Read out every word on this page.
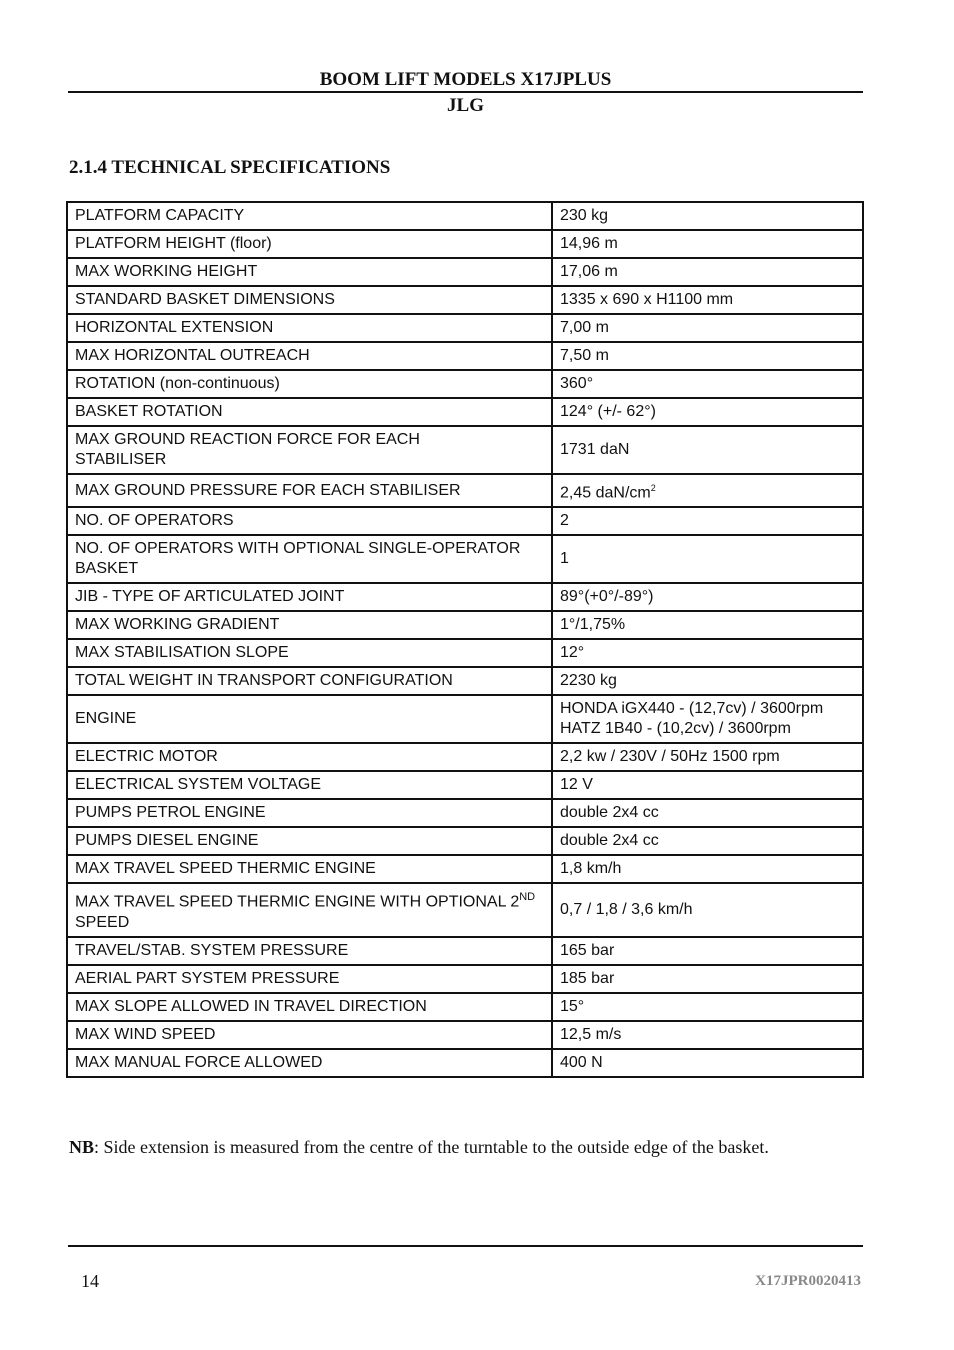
BOOM LIFT MODELS X17JPLUS
JLG
2.1.4 TECHNICAL SPECIFICATIONS
PLATFORM CAPACITY	230 kg
PLATFORM HEIGHT (floor)	14,96 m
MAX WORKING HEIGHT	17,06 m
STANDARD BASKET DIMENSIONS	1335 x 690 x H1100 mm
HORIZONTAL EXTENSION	7,00 m
MAX HORIZONTAL OUTREACH	7,50 m
ROTATION (non-continuous)	360°
BASKET ROTATION	124° (+/- 62°)
MAX GROUND REACTION FORCE FOR EACH
STABILISER	1731 daN
MAX GROUND PRESSURE FOR EACH STABILISER	2,45 daN/$cm^2$
NO. OF OPERATORS	2
NO. OF OPERATORS WITH OPTIONAL SINGLE-OPERATOR BASKET	1
JIB - TYPE OF ARTICULATED JOINT	89°(+0°/-89°)
MAX WORKING GRADIENT	1°/1,75%
MAX STABILISATION SLOPE	12°
TOTAL WEIGHT IN TRANSPORT CONFIGURATION	2230 kg
ENGINE	HONDA iGX440 - (12,7cv) / 3600rpm
HATZ 1B40 - (10,2cv) / 3600rpm
ELECTRIC MOTOR	2,2 kw / 230V / 50Hz 1500 rpm
ELECTRICAL SYSTEM VOLTAGE	12 V
PUMPS PETROL ENGINE	double 2x4 cc
PUMPS DIESEL ENGINE	double 2x4 cc
MAX TRAVEL SPEED THERMIC ENGINE	1,8 km/h
MAX TRAVEL SPEED THERMIC ENGINE WITH OPTIONAL 2ND
SPEED	0,7 / 1,8 / 3,6 km/h
TRAVEL/STAB. SYSTEM PRESSURE	165 bar
AERIAL PART SYSTEM PRESSURE	185 bar
MAX SLOPE ALLOWED IN TRAVEL DIRECTION	15°
MAX WIND SPEED	12,5 m/s
MAX MANUAL FORCE ALLOWED	400 N
NB: Side extension is measured from the centre of the turntable to the outside edge of the basket.
14	X17JPR0020413
